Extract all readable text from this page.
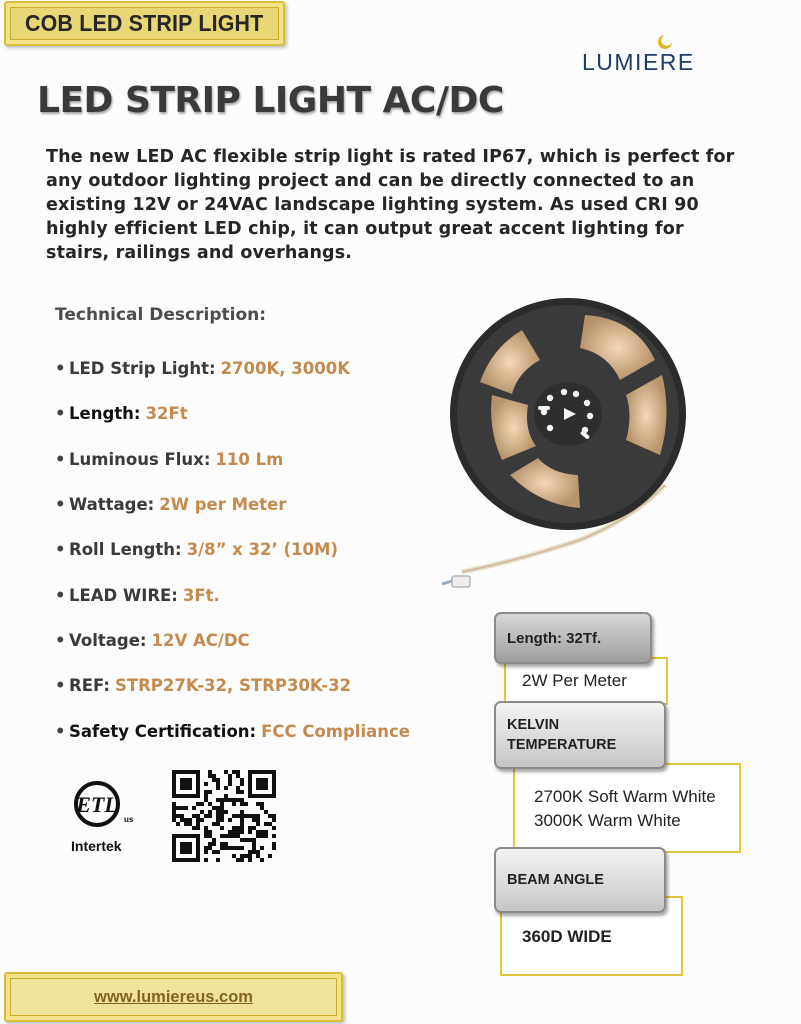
COB LED STRIP LIGHT
LUMIERE
LED STRIP LIGHT AC/DC

The new LED AC flexible strip light is rated IP67, which is perfect for any outdoor lighting project and can be directly connected to an existing 12V or 24VAC landscape lighting system. As used CRI 90 highly efficient LED chip, it can output great accent lighting for stairs, railings and overhangs.

Technical Description:
• LED Strip Light: 2700K, 3000K
• Length: 32Ft
• Luminous Flux: 110 Lm
• Wattage: 2W per Meter
• Roll Length: 3/8” x 32’ (10M)
• LEAD WIRE: 3Ft.
• Voltage: 12V AC/DC
• REF: STRP27K-32, STRP30K-32
• Safety Certification: FCC Compliance
ETL
us
Intertek
2W Per Meter
Length: 32Tf.
2700K Soft Warm White
3000K Warm White
KELVIN TEMPERATURE
360D WIDE
BEAM ANGLE
www.lumiereus.com
